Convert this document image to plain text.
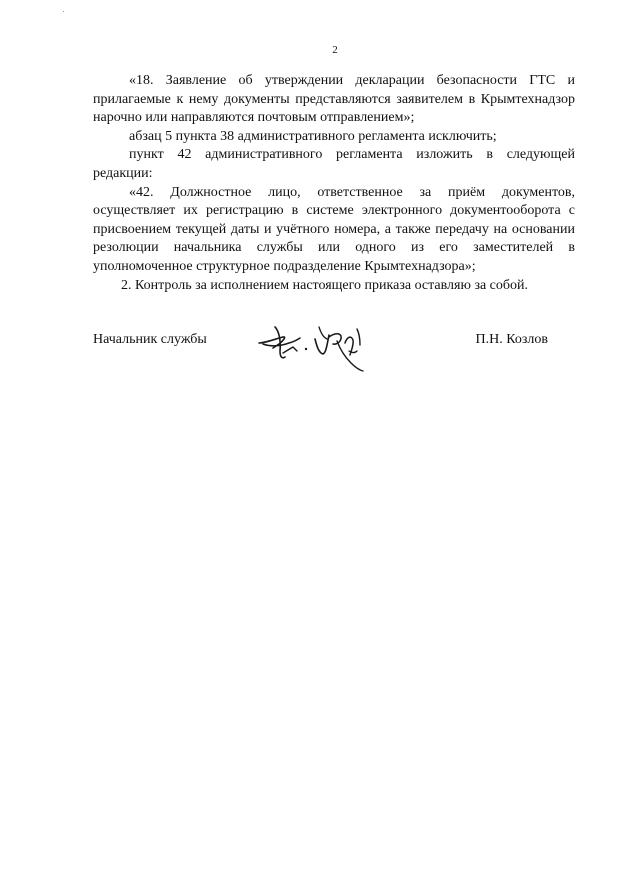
2

«18. Заявление об утверждении декларации безопасности ГТС и прилагаемые к нему документы представляются заявителем в Крымтехнадзор нарочно или направляются почтовым отправлением»;

абзац 5 пункта 38 административного регламента исключить;

пункт 42 административного регламента изложить в следующей редакции:

«42. Должностное лицо, ответственное за приём документов, осуществляет их регистрацию в системе электронного документооборота с присвоением текущей даты и учётного номера, а также передачу на основании резолюции начальника службы или одного из его заместителей в уполномоченное структурное подразделение Крымтехнадзора»;

2. Контроль за исполнением настоящего приказа оставляю за собой.

Начальник службы	П.Н. Козлов
